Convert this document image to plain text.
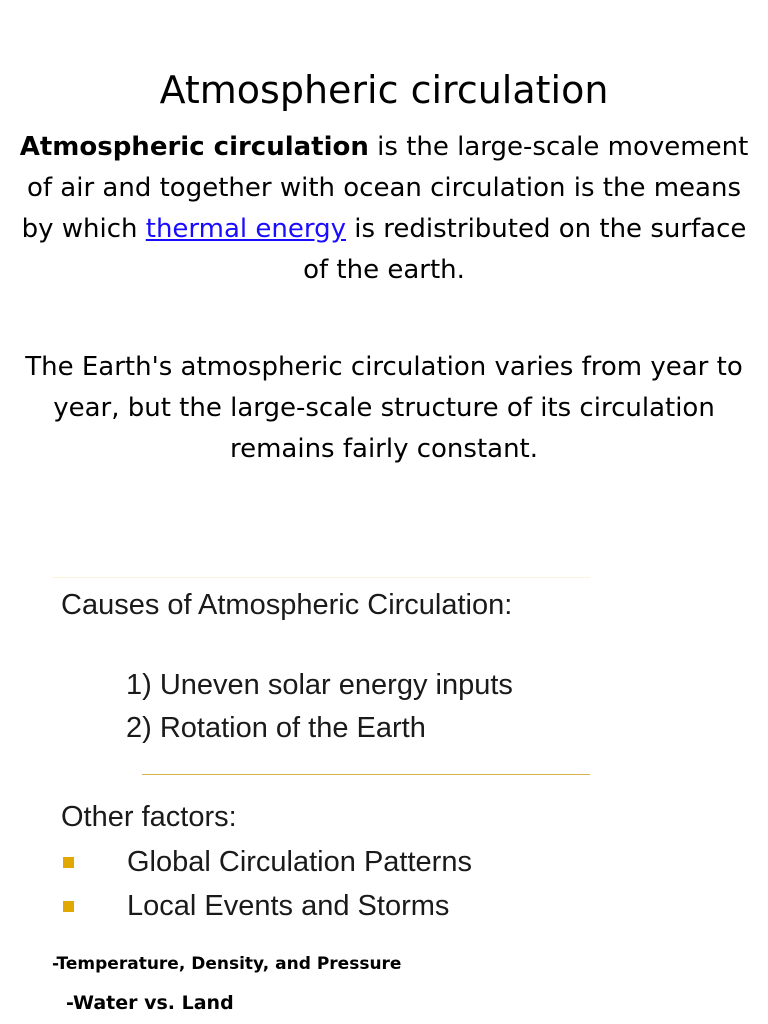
Atmospheric circulation

Atmospheric circulation is the large-scale movement of air and together with ocean circulation is the means by which thermal energy is redistributed on the surface of the earth.

The Earth's atmospheric circulation varies from year to year, but the large-scale structure of its circulation remains fairly constant.

Causes of Atmospheric Circulation:

1) Uneven solar energy inputs

2) Rotation of the Earth

Other factors:

Global Circulation Patterns
Local Events and Storms

-Temperature, Density, and Pressure

-Water vs. Land
